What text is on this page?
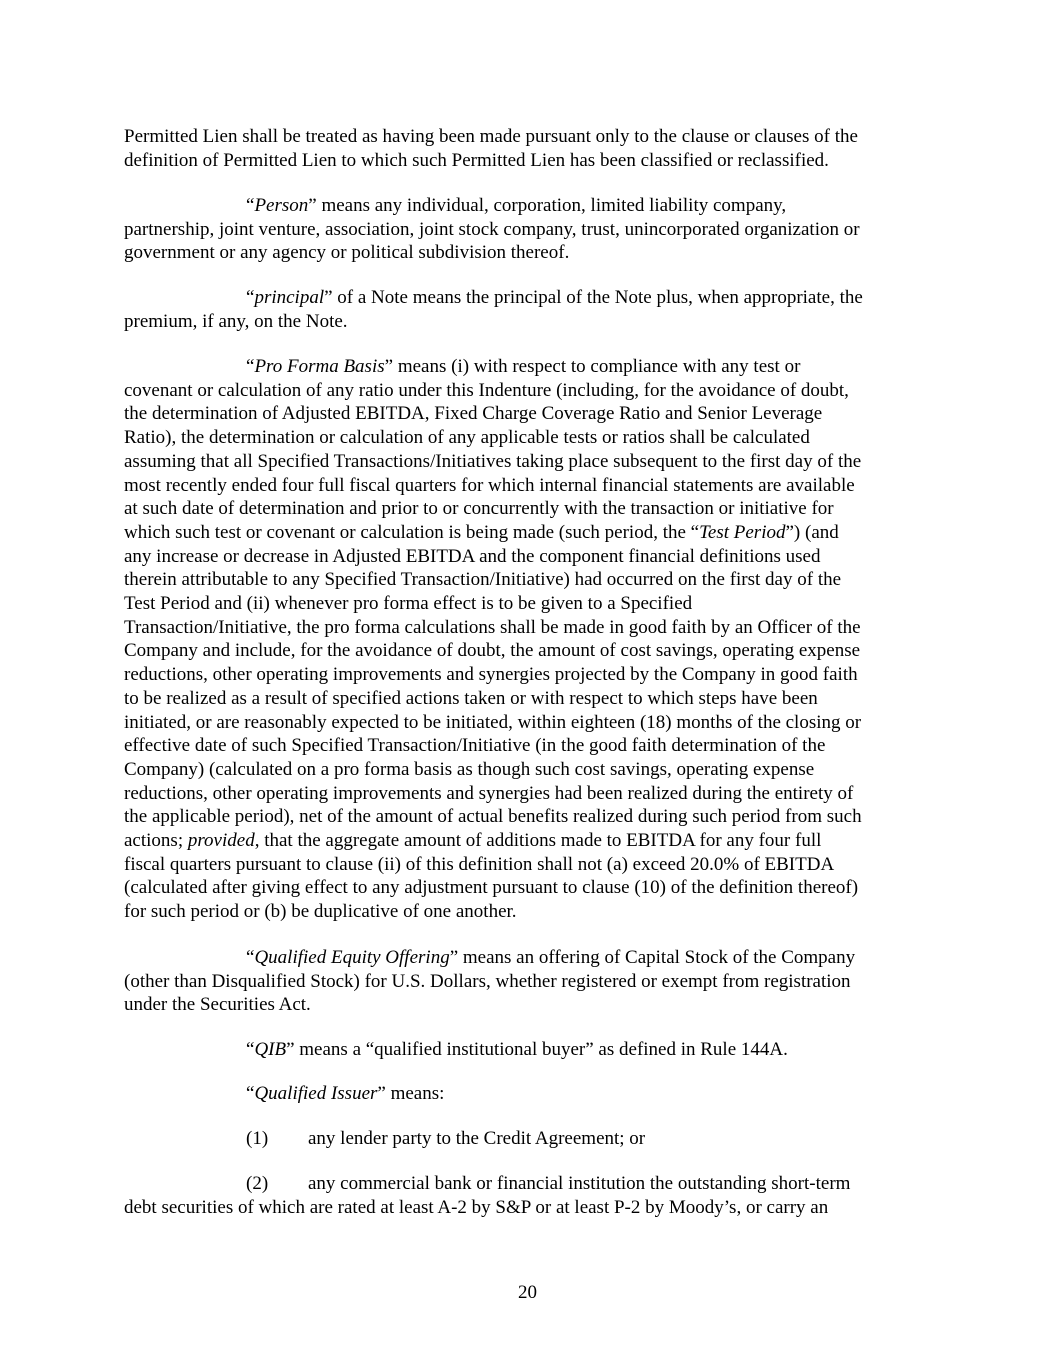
Permitted Lien shall be treated as having been made pursuant only to the clause or clauses of the

definition of Permitted Lien to which such Permitted Lien has been classified or reclassified.

“Person” means any individual, corporation, limited liability company,

partnership, joint venture, association, joint stock company, trust, unincorporated organization or

government or any agency or political subdivision thereof.

“principal” of a Note means the principal of the Note plus, when appropriate, the

premium, if any, on the Note.

“Pro Forma Basis” means (i) with respect to compliance with any test or

covenant or calculation of any ratio under this Indenture (including, for the avoidance of doubt,

the determination of Adjusted EBITDA, Fixed Charge Coverage Ratio and Senior Leverage

Ratio), the determination or calculation of any applicable tests or ratios shall be calculated

assuming that all Specified Transactions/Initiatives taking place subsequent to the first day of the

most recently ended four full fiscal quarters for which internal financial statements are available

at such date of determination and prior to or concurrently with the transaction or initiative for

which such test or covenant or calculation is being made (such period, the “Test Period”) (and

any increase or decrease in Adjusted EBITDA and the component financial definitions used

therein attributable to any Specified Transaction/Initiative) had occurred on the first day of the

Test Period and (ii) whenever pro forma effect is to be given to a Specified

Transaction/Initiative, the pro forma calculations shall be made in good faith by an Officer of the

Company and include, for the avoidance of doubt, the amount of cost savings, operating expense

reductions, other operating improvements and synergies projected by the Company in good faith

to be realized as a result of specified actions taken or with respect to which steps have been

initiated, or are reasonably expected to be initiated, within eighteen (18) months of the closing or

effective date of such Specified Transaction/Initiative (in the good faith determination of the

Company) (calculated on a pro forma basis as though such cost savings, operating expense

reductions, other operating improvements and synergies had been realized during the entirety of

the applicable period), net of the amount of actual benefits realized during such period from such

actions; provided, that the aggregate amount of additions made to EBITDA for any four full

fiscal quarters pursuant to clause (ii) of this definition shall not (a) exceed 20.0% of EBITDA

(calculated after giving effect to any adjustment pursuant to clause (10) of the definition thereof)

for such period or (b) be duplicative of one another.

“Qualified Equity Offering” means an offering of Capital Stock of the Company

(other than Disqualified Stock) for U.S. Dollars, whether registered or exempt from registration

under the Securities Act.

“QIB” means a “qualified institutional buyer” as defined in Rule 144A.

“Qualified Issuer” means:

(1) any lender party to the Credit Agreement; or

(2) any commercial bank or financial institution the outstanding short-term

debt securities of which are rated at least A-2 by S&P or at least P-2 by Moody’s, or carry an

20
